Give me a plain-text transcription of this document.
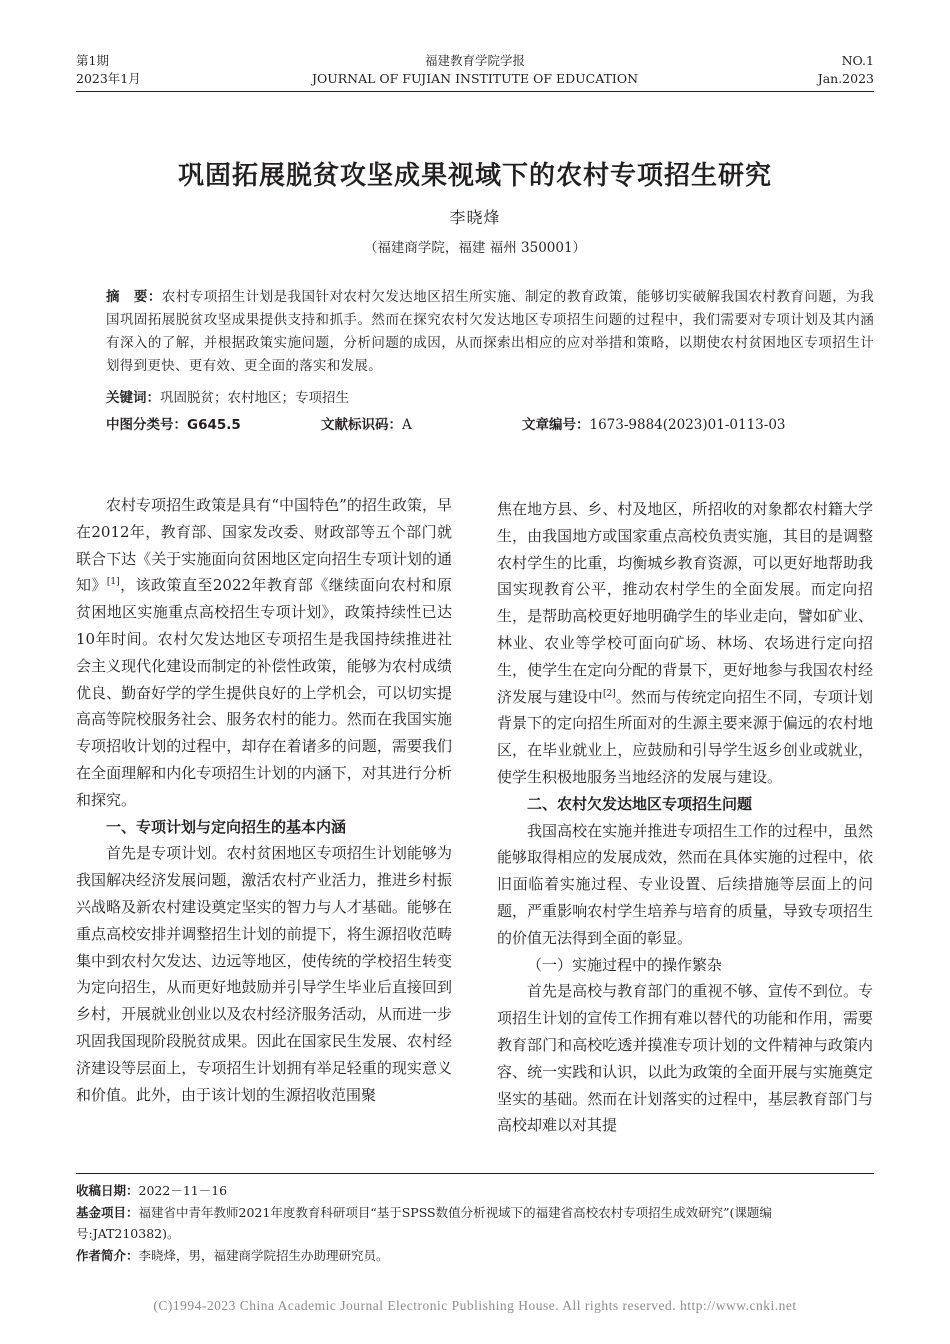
第1期
2023年1月
福建教育学院学报
JOURNAL OF FUJIAN INSTITUTE OF EDUCATION
NO.1
Jan.2023
巩固拓展脱贫攻坚成果视域下的农村专项招生研究
李晓烽
（福建商学院，福建 福州 350001）
摘　要：农村专项招生计划是我国针对农村欠发达地区招生所实施、制定的教育政策，能够切实破解我国农村教育问题，为我国巩固拓展脱贫攻坚成果提供支持和抓手。然而在探究农村欠发达地区专项招生问题的过程中，我们需要对专项计划及其内涵有深入的了解，并根据政策实施问题，分析问题的成因，从而探索出相应的应对举措和策略，以期使农村贫困地区专项招生计划得到更快、更有效、更全面的落实和发展。
关键词：巩固脱贫；农村地区；专项招生
中图分类号：G645.5	文献标识码：A	文章编号：1673-9884(2023)01-0113-03

农村专项招生政策是具有“中国特色”的招生政策，早在2012年，教育部、国家发改委、财政部等五个部门就联合下达《关于实施面向贫困地区定向招生专项计划的通知》[1]，该政策直至2022年教育部《继续面向农村和原贫困地区实施重点高校招生专项计划》，政策持续性已达10年时间。农村欠发达地区专项招生是我国持续推进社会主义现代化建设而制定的补偿性政策，能够为农村成绩优良、勤奋好学的学生提供良好的上学机会，可以切实提高高等院校服务社会、服务农村的能力。然而在我国实施专项招收计划的过程中，却存在着诸多的问题，需要我们在全面理解和内化专项招生计划的内涵下，对其进行分析和探究。

一、专项计划与定向招生的基本内涵

首先是专项计划。农村贫困地区专项招生计划能够为我国解决经济发展问题，激活农村产业活力，推进乡村振兴战略及新农村建设奠定坚实的智力与人才基础。能够在重点高校安排并调整招生计划的前提下，将生源招收范畴集中到农村欠发达、边远等地区，使传统的学校招生转变为定向招生，从而更好地鼓励并引导学生毕业后直接回到乡村，开展就业创业以及农村经济服务活动，从而进一步巩固我国现阶段脱贫成果。因此在国家民生发展、农村经济建设等层面上，专项招生计划拥有举足轻重的现实意义和价值。此外，由于该计划的生源招收范围聚

焦在地方县、乡、村及地区，所招收的对象都农村籍大学生，由我国地方或国家重点高校负责实施，其目的是调整农村学生的比重，均衡城乡教育资源，可以更好地帮助我国实现教育公平，推动农村学生的全面发展。而定向招生，是帮助高校更好地明确学生的毕业走向，譬如矿业、林业、农业等学校可面向矿场、林场、农场进行定向招生，使学生在定向分配的背景下，更好地参与我国农村经济发展与建设中[2]。然而与传统定向招生不同，专项计划背景下的定向招生所面对的生源主要来源于偏远的农村地区，在毕业就业上，应鼓励和引导学生返乡创业或就业，使学生积极地服务当地经济的发展与建设。

二、农村欠发达地区专项招生问题

我国高校在实施并推进专项招生工作的过程中，虽然能够取得相应的发展成效，然而在具体实施的过程中，依旧面临着实施过程、专业设置、后续措施等层面上的问题，严重影响农村学生培养与培育的质量，导致专项招生的价值无法得到全面的彰显。

（一）实施过程中的操作繁杂

首先是高校与教育部门的重视不够、宣传不到位。专项招生计划的宣传工作拥有难以替代的功能和作用，需要教育部门和高校吃透并摸准专项计划的文件精神与政策内容、统一实践和认识，以此为政策的全面开展与实施奠定坚实的基础。然而在计划落实的过程中，基层教育部门与高校却难以对其提

收稿日期：2022－11－16
基金项目：福建省中青年教师2021年度教育科研项目“基于SPSS数值分析视域下的福建省高校农村专项招生成效研究”(课题编号:JAT210382)。
作者简介：李晓烽，男，福建商学院招生办助理研究员。
(C)1994-2023 China Academic Journal Electronic Publishing House. All rights reserved. http://www.cnki.net
